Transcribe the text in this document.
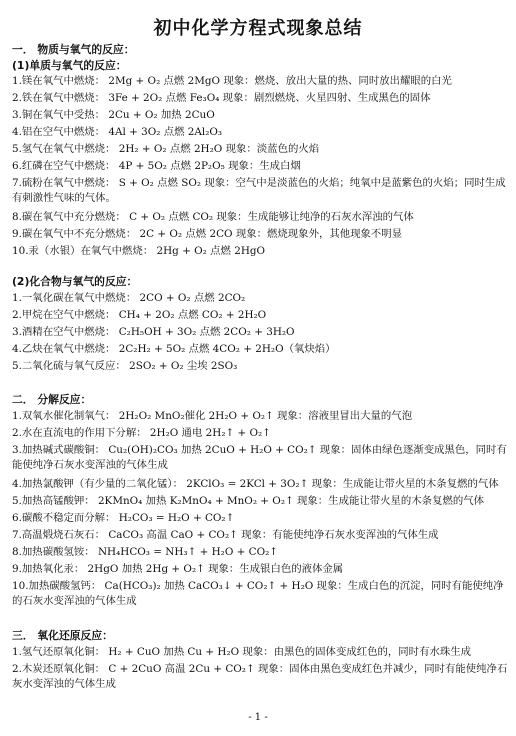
初中化学方程式现象总结
一． 物质与氧气的反应：
(1)单质与氧气的反应：
1.镁在氧气中燃烧： 2Mg + O₂ 点燃 2MgO 现象：燃烧、放出大量的热、同时放出耀眼的白光
2.铁在氧气中燃烧： 3Fe + 2O₂ 点燃 Fe₃O₄ 现象：剧烈燃烧、火星四射、生成黑色的固体
3.铜在氧气中受热： 2Cu + O₂ 加热 2CuO
4.铝在空气中燃烧： 4Al + 3O₂ 点燃 2Al₂O₃
5.氢气在氧气中燃烧： 2H₂ + O₂ 点燃 2H₂O 现象：淡蓝色的火焰
6.红磷在空气中燃烧： 4P + 5O₂ 点燃 2P₂O₅ 现象：生成白烟
7.硫粉在氧气中燃烧： S + O₂ 点燃 SO₂ 现象：空气中是淡蓝色的火焰；纯氧中是蓝紫色的火焰；同时生成有刺激性气味的气体。
8.碳在氧气中充分燃烧： C + O₂ 点燃 CO₂ 现象：生成能够让纯净的石灰水浑浊的气体
9.碳在氧气中不充分燃烧： 2C + O₂ 点燃 2CO 现象：燃烧现象外，其他现象不明显
10.汞（水银）在氧气中燃烧： 2Hg + O₂ 点燃 2HgO
(2)化合物与氧气的反应：
1.一氧化碳在氧气中燃烧： 2CO + O₂ 点燃 2CO₂
2.甲烷在空气中燃烧： CH₄ + 2O₂ 点燃 CO₂ + 2H₂O
3.酒精在空气中燃烧： C₂H₅OH + 3O₂ 点燃 2CO₂ + 3H₂O
4.乙炔在氧气中燃烧： 2C₂H₂ + 5O₂ 点燃 4CO₂ + 2H₂O（氧炔焰）
5.二氧化硫与氧气反应： 2SO₂ + O₂ 尘埃 2SO₃
二． 分解反应：
1.双氧水催化制氧气： 2H₂O₂ MnO₂催化 2H₂O + O₂↑ 现象：溶液里冒出大量的气泡
2.水在直流电的作用下分解： 2H₂O 通电 2H₂↑ + O₂↑
3.加热碱式碳酸铜： Cu₂(OH)₂CO₃ 加热 2CuO + H₂O + CO₂↑ 现象：固体由绿色逐渐变成黑色，同时有能使纯净石灰水变浑浊的气体生成
4.加热氯酸钾（有少量的二氧化锰）： 2KClO₃ = 2KCl + 3O₂↑ 现象：生成能让带火星的木条复燃的气体
5.加热高锰酸钾： 2KMnO₄ 加热 K₂MnO₄ + MnO₂ + O₂↑ 现象：生成能让带火星的木条复燃的气体
6.碳酸不稳定而分解： H₂CO₃ = H₂O + CO₂↑
7.高温煅烧石灰石： CaCO₃ 高温 CaO + CO₂↑ 现象：有能使纯净石灰水变浑浊的气体生成
8.加热碳酸氢铵： NH₄HCO₃ = NH₃↑ + H₂O + CO₂↑
9.加热氧化汞： 2HgO 加热 2Hg + O₂↑ 现象：生成银白色的液体金属
10.加热碳酸氢钙： Ca(HCO₃)₂ 加热 CaCO₃↓ + CO₂↑ + H₂O 现象：生成白色的沉淀，同时有能使纯净的石灰水变浑浊的气体生成
三． 氧化还原反应：
1.氢气还原氧化铜： H₂ + CuO 加热 Cu + H₂O 现象：由黑色的固体变成红色的，同时有水珠生成
2.木炭还原氧化铜： C + 2CuO 高温 2Cu + CO₂↑ 现象：固体由黑色变成红色并减少，同时有能使纯净石灰水变浑浊的气体生成
- 1 -
